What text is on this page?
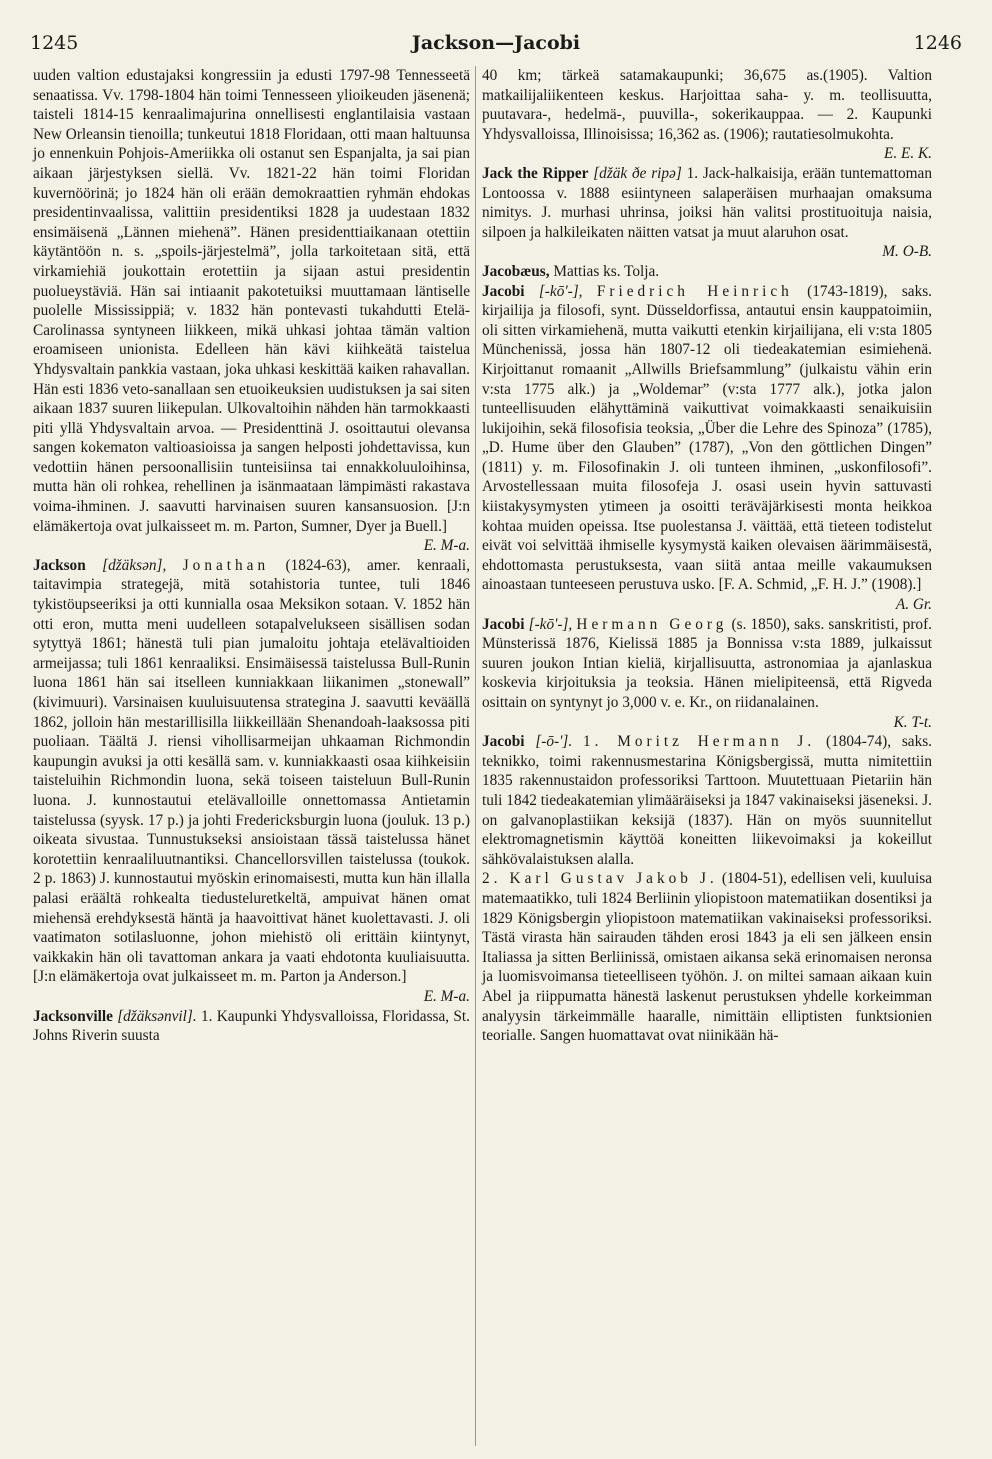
1245	Jackson—Jacobi	1246

uuden valtion edustajaksi kongressiin ja edusti 1797-98 Tennesseetä senaatissa. Vv. 1798-1804 hän toimi Tennesseen ylioikeuden jäsenenä; taisteli 1814-15 kenraalimajurina onnellisesti englantilaisia vastaan New Orleansin tienoilla; tunkeutui 1818 Floridaan, otti maan haltuunsa jo ennenkuin Pohjois-Ameriikka oli ostanut sen Espanjalta, ja sai pian aikaan järjestyksen siellä. Vv. 1821-22 hän toimi Floridan kuvernöörinä; jo 1824 hän oli erään demokraattien ryhmän ehdokas presidentinvaalissa, valittiin presidentiksi 1828 ja uudestaan 1832 ensimäisenä „Lännen miehenä”. Hänen presidenttiaikanaan otettiin käytäntöön n. s. „spoils-järjestelmä”, jolla tarkoitetaan sitä, että virkamiehiä joukottain erotettiin ja sijaan astui presidentin puolueystäviä. Hän sai intiaanit pakotetuiksi muuttamaan läntiselle puolelle Mississippiä; v. 1832 hän pontevasti tukahdutti Etelä-Carolinassa syntyneen liikkeen, mikä uhkasi johtaa tämän valtion eroamiseen unionista. Edelleen hän kävi kiihkeätä taistelua Yhdysvaltain pankkia vastaan, joka uhkasi keskittää kaiken rahavallan. Hän esti 1836 veto-sanallaan sen etuoikeuksien uudistuksen ja sai siten aikaan 1837 suuren liikepulan. Ulkovaltoihin nähden hän tarmokkaasti piti yllä Yhdysvaltain arvoa. — Presidenttinä J. osoittautui olevansa sangen kokematon valtioasioissa ja sangen helposti johdettavissa, kun vedottiin hänen persoonallisiin tunteisiinsa tai ennakkoluuloihinsa, mutta hän oli rohkea, rehellinen ja isänmaataan lämpimästi rakastava voima-ihminen. J. saavutti harvinaisen suuren kansansuosion. [J:n elämäkertoja ovat julkaisseet m. m. Parton, Sumner, Dyer ja Buell.]

E. M-a.

Jackson [džäksən], Jonathan (1824-63), amer. kenraali, taitavimpia strategejä, mitä sotahistoria tuntee, tuli 1846 tykistöupseeriksi ja otti kunnialla osaa Meksikon sotaan. V. 1852 hän otti eron, mutta meni uudelleen sotapalvelukseen sisällisen sodan sytyttyä 1861; hänestä tuli pian jumaloitu johtaja etelävaltioiden armeijassa; tuli 1861 kenraaliksi. Ensimäisessä taistelussa Bull-Runin luona 1861 hän sai itselleen kunniakkaan liikanimen „stonewall” (kivimuuri). Varsinaisen kuuluisuutensa strategina J. saavutti keväällä 1862, jolloin hän mestarillisilla liikkeillään Shenandoah-laaksossa piti puoliaan. Täältä J. riensi vihollisarmeijan uhkaaman Richmondin kaupungin avuksi ja otti kesällä sam. v. kunniakkaasti osaa kiihkeisiin taisteluihin Richmondin luona, sekä toiseen taisteluun Bull-Runin luona. J. kunnostautui etelävalloille onnettomassa Antietamin taistelussa (syysk. 17 p.) ja johti Fredericksburgin luona (jouluk. 13 p.) oikeata sivustaa. Tunnustukseksi ansioistaan tässä taistelussa hänet korotettiin kenraaliluutnantiksi. Chancellorsvillen taistelussa (toukok. 2 p. 1863) J. kunnostautui myöskin erinomaisesti, mutta kun hän illalla palasi eräältä rohkealta tiedusteluretkeltä, ampuivat hänen omat miehensä erehdyksestä häntä ja haavoittivat hänet kuolettavasti. J. oli vaatimaton sotilasluonne, johon miehistö oli erittäin kiintynyt, vaikkakin hän oli tavattoman ankara ja vaati ehdotonta kuuliaisuutta. [J:n elämäkertoja ovat julkaisseet m. m. Parton ja Anderson.]

E. M-a.

Jacksonville [džäksənvil]. 1. Kaupunki Yhdysvalloissa, Floridassa, St. Johns Riverin suusta

40 km; tärkeä satamakaupunki; 36,675 as.(1905). Valtion matkailijaliikenteen keskus. Harjoittaa saha- y. m. teollisuutta, puutavara-, hedelmä-, puuvilla-, sokerikauppaa. — 2. Kaupunki Yhdysvalloissa, Illinoisissa; 16,362 as. (1906); rautatiesolmukohta.

E. E. K.

Jack the Ripper [džäk ðe ripə] 1. Jack-halkaisija, erään tuntemattoman Lontoossa v. 1888 esiintyneen salaperäisen murhaajan omaksuma nimitys. J. murhasi uhrinsa, joiksi hän valitsi prostituoituja naisia, silpoen ja halkileikaten näitten vatsat ja muut alaruhon osat.

M. O-B.

Jacobæus, Mattias ks. Tolja.

Jacobi [-kō'-], Friedrich Heinrich (1743-1819), saks. kirjailija ja filosofi, synt. Düsseldorfissa, antautui ensin kauppatoimiin, oli sitten virkamiehenä, mutta vaikutti etenkin kirjailijana, eli v:sta 1805 Münchenissä, jossa hän 1807-12 oli tiedeakatemian esimiehenä. Kirjoittanut romaanit „Allwills Briefsammlung” (julkaistu vähin erin v:sta 1775 alk.) ja „Woldemar” (v:sta 1777 alk.), jotka jalon tunteellisuuden elähyttäminä vaikuttivat voimakkaasti senaikuisiin lukijoihin, sekä filosofisia teoksia, „Über die Lehre des Spinoza” (1785), „D. Hume über den Glauben” (1787), „Von den göttlichen Dingen” (1811) y. m. Filosofinakin J. oli tunteen ihminen, „uskonfilosofi”. Arvostellessaan muita filosofeja J. osasi usein hyvin sattuvasti kiistakysymysten ytimeen ja osoitti teräväjärkisesti monta heikkoa kohtaa muiden opeissa. Itse puolestansa J. väittää, että tieteen todistelut eivät voi selvittää ihmiselle kysymystä kaiken olevaisen äärimmäisestä, ehdottomasta perustuksesta, vaan siitä antaa meille vakaumuksen ainoastaan tunteeseen perustuva usko. [F. A. Schmid, „F. H. J.” (1908).]

A. Gr.

Jacobi [-kō'-], Hermann Georg (s. 1850), saks. sanskritisti, prof. Münsterissä 1876, Kielissä 1885 ja Bonnissa v:sta 1889, julkaissut suuren joukon Intian kieliä, kirjallisuutta, astronomiaa ja ajanlaskua koskevia kirjoituksia ja teoksia. Hänen mielipiteensä, että Rigveda osittain on syntynyt jo 3,000 v. e. Kr., on riidanalainen.

K. T-t.

Jacobi [-ō-']. 1. Moritz Hermann J. (1804-74), saks. teknikko, toimi rakennusmestarina Königsbergissä, mutta nimitettiin 1835 rakennustaidon professoriksi Tarttoon. Muutettuaan Pietariin hän tuli 1842 tiedeakatemian ylimääräiseksi ja 1847 vakinaiseksi jäseneksi. J. on galvanoplastiikan keksijä (1837). Hän on myös suunnitellut elektromagnetismin käyttöä koneitten liikevoimaksi ja kokeillut sähkövalaistuksen alalla.

2. Karl Gustav Jakob J. (1804-51), edellisen veli, kuuluisa matemaatikko, tuli 1824 Berliinin yliopistoon matematiikan dosentiksi ja 1829 Königsbergin yliopistoon matematiikan vakinaiseksi professoriksi. Tästä virasta hän sairauden tähden erosi 1843 ja eli sen jälkeen ensin Italiassa ja sitten Berliinissä, omistaen aikansa sekä erinomaisen neronsa ja luomisvoimansa tieteelliseen työhön. J. on miltei samaan aikaan kuin Abel ja riippumatta hänestä laskenut perustuksen yhdelle korkeimman analyysin tärkeimmälle haaralle, nimittäin elliptisten funktsionien teorialle. Sangen huomattavat ovat niinikään hä-
